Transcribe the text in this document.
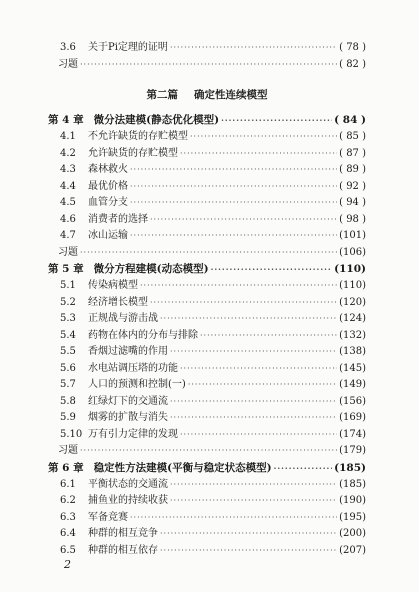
3.6	关于Pi定理的证明 ·····	( 78 )
习题 ·····	( 82 )
第二篇 确定性连续模型
第 4 章 微分法建模(静态优化模型) ·····	( 84 )
4.1	不允许缺货的存贮模型 ·····	( 85 )
4.2	允许缺货的存贮模型 ·····	( 87 )
4.3	森林救火 ·····	( 89 )
4.4	最优价格 ·····	( 92 )
4.5	血管分支 ·····	( 94 )
4.6	消费者的选择 ·····	( 98 )
4.7	冰山运输 ·····	(101)
习题 ·····	(106)
第 5 章 微分方程建模(动态模型) ·····	(110)
5.1	传染病模型 ·····	(110)
5.2	经济增长模型 ·····	(120)
5.3	正规战与游击战 ·····	(124)
5.4	药物在体内的分布与排除 ·····	(132)
5.5	香烟过滤嘴的作用 ·····	(138)
5.6	水电站调压塔的功能 ·····	(145)
5.7	人口的预测和控制(一) ·····	(149)
5.8	红绿灯下的交通流 ·····	(156)
5.9	烟雾的扩散与消失 ·····	(169)
5.10 万有引力定律的发现 ·····	(174)
习题 ·····	(179)
第 6 章 稳定性方法建模(平衡与稳定状态模型) ·····	(185)
6.1	平衡状态的交通流 ·····	(185)
6.2	捕鱼业的持续收获 ·····	(190)
6.3	军备竞赛 ·····	(195)
6.4	种群的相互竞争 ·····	(200)
6.5	种群的相互依存 ·····	(207)
2
